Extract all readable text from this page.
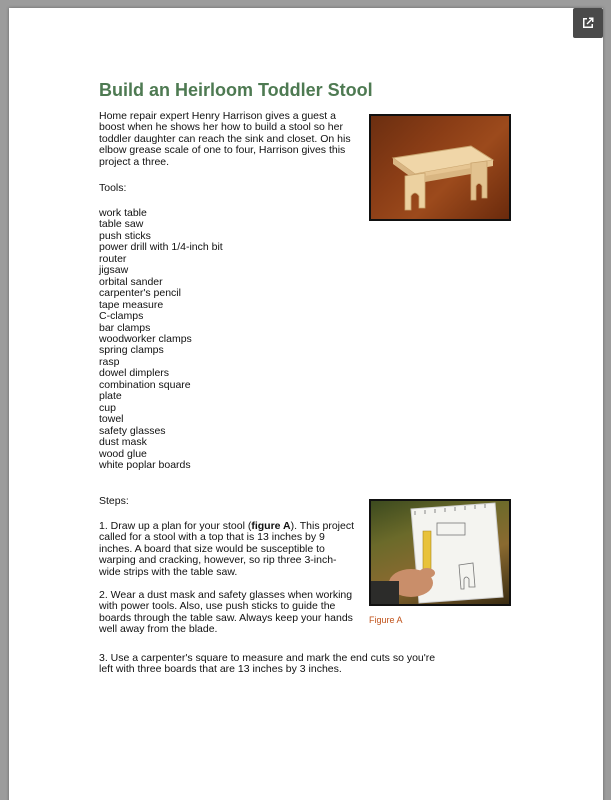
Build an Heirloom Toddler Stool

Home repair expert Henry Harrison gives a guest a boost when he shows her how to build a stool so her toddler daughter can reach the sink and closet. On his elbow grease scale of one to four, Harrison gives this project a three.

Tools:

work table
table saw
push sticks
power drill with 1/4-inch bit
router
jigsaw
orbital sander
carpenter's pencil
tape measure
C-clamps
bar clamps
woodworker clamps
spring clamps
rasp
dowel dimplers
combination square
plate
cup
towel
safety glasses
dust mask
wood glue
white poplar boards

Steps:

1. Draw up a plan for your stool (figure A). This project called for a stool with a top that is 13 inches by 9 inches. A board that size would be susceptible to warping and cracking, however, so rip three 3-inch-wide strips with the table saw.

Figure A

2. Wear a dust mask and safety glasses when working with power tools. Also, use push sticks to guide the boards through the table saw. Always keep your hands well away from the blade.

3. Use a carpenter's square to measure and mark the end cuts so you're left with three boards that are 13 inches by 3 inches.
